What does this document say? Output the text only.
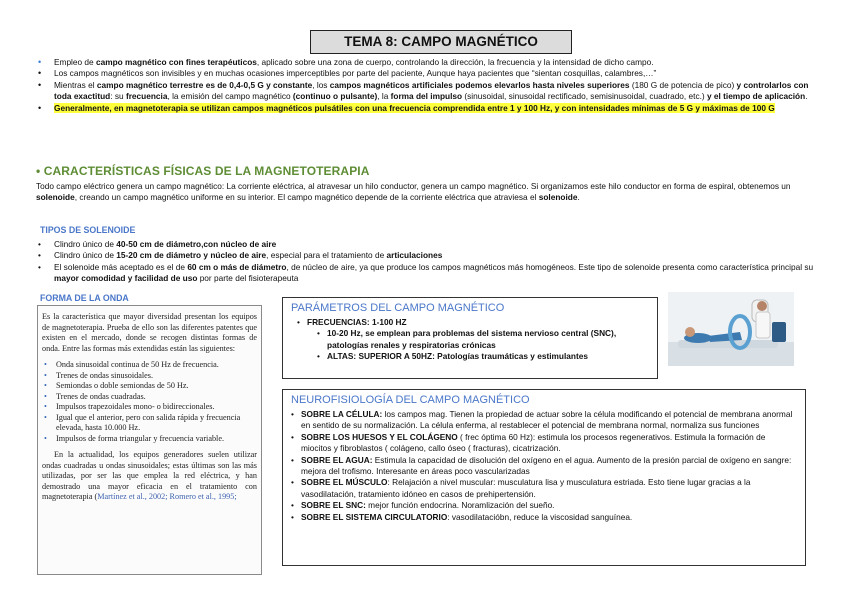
TEMA 8: CAMPO MAGNÉTICO
• Empleo de campo magnético con fines terapéuticos, aplicado sobre una zona de cuerpo, controlando la dirección, la frecuencia y la intensidad de dicho campo.
• Los campos magnéticos son invisibles y en muchas ocasiones imperceptibles por parte del paciente, Aunque haya pacientes que “sientan cosquillas, calambres,…”
• Mientras el campo magnético terrestre es de 0,4-0,5 G y constante, los campos magnéticos artificiales podemos elevarlos hasta niveles superiores (180 G de potencia de pico) y controlarlos con toda exactitud: su frecuencia, la emisión del campo magnético (continuo o pulsante), la forma del impulso (sinusoidal, sinusoidal rectificado, semisinusoidal, cuadrado, etc.) y el tiempo de aplicación.
• Generalmente, en magnetoterapia se utilizan campos magnéticos pulsátiles con una frecuencia comprendida entre 1 y 100 Hz, y con intensidades mínimas de 5 G y máximas de 100 G
• CARACTERÍSTICAS FÍSICAS DE LA MAGNETOTERAPIA
Todo campo eléctrico genera un campo magnético: La corriente eléctrica, al atravesar un hilo conductor, genera un campo magnético. Si organizamos este hilo conductor en forma de espiral, obtenemos un solenoide, creando un campo magnético uniforme en su interior. El campo magnético depende de la corriente eléctrica que atraviesa el solenoide.
TIPOS DE SOLENOIDE
• Clindro único de 40-50 cm de diámetro,con núcleo de aire
• Clindro único de 15-20 cm de diámetro y núcleo de aire, especial para el tratamiento de articulaciones
• El solenoide más aceptado es el de 60 cm o más de diámetro, de núcleo de aire, ya que produce los campos magnéticos más homogéneos. Este tipo de solenoide presenta como característica principal su mayor comodidad y facilidad de uso por parte del fisioterapeuta
FORMA DE LA ONDA

Es la característica que mayor diversidad presentan los equipos de magnetoterapia. Prueba de ello son las diferentes patentes que existen en el mercado, donde se recogen distintas formas de onda. Entre las formas más extendidas están las siguientes:

• Onda sinusoidal continua de 50 Hz de frecuencia.
• Trenes de ondas sinusoidales.
• Semiondas o doble semiondas de 50 Hz.
• Trenes de ondas cuadradas.
• Impulsos trapezoidales mono- o bidireccionales.
• Igual que el anterior, pero con salida rápida y frecuencia elevada, hasta 10.000 Hz.
• Impulsos de forma triangular y frecuencia variable.

En la actualidad, los equipos generadores suelen utilizar ondas cuadradas u ondas sinusoidales; estas últimas son las más utilizadas, por ser las que emplea la red eléctrica, y han demostrado una mayor eficacia en el tratamiento con magnetoterapia (Martínez et al., 2002; Romero et al., 1995;

PARÁMETROS DEL CAMPO MAGNÉTICO
• FRECUENCIAS: 1-100 HZ
• 10-20 Hz, se emplean para problemas del sistema nervioso central (SNC), patologías renales y respiratorias crónicas
• ALTAS: SUPERIOR A 50HZ: Patologías traumáticas y estimulantes
NEUROFISIOLOGÍA DEL CAMPO MAGNÉTICO
• SOBRE LA CÉLULA: los campos mag. Tienen la propiedad de actuar sobre la célula modificando el potencial de membrana anormal en sentido de su normalización. La célula enferma, al restablecer el potencial de membrana normal, normaliza sus funciones
• SOBRE LOS HUESOS Y EL COLÁGENO ( frec óptima 60 Hz): estimula los procesos regenerativos. Estimula la formación de miocitos y fibroblastos ( colágeno, callo óseo ( fracturas), cicatrización.
• SOBRE EL AGUA: Estimula la capacidad de disolución del oxígeno en el agua. Aumento de la presión parcial de oxígeno en sangre: mejora del trofismo. Interesante en áreas poco vascularizadas
• SOBRE EL MÚSCULO: Relajación a nivel muscular: musculatura lisa y musculatura estriada. Esto tiene lugar gracias a la vasodilatación, tratamiento idóneo en casos de prehipertensión.
• SOBRE EL SNC: mejor función endocrina. Noramlización del sueño.
• SOBRE EL SISTEMA CIRCULATORIO: vasodilatacióbn, reduce la viscosidad sanguínea.
